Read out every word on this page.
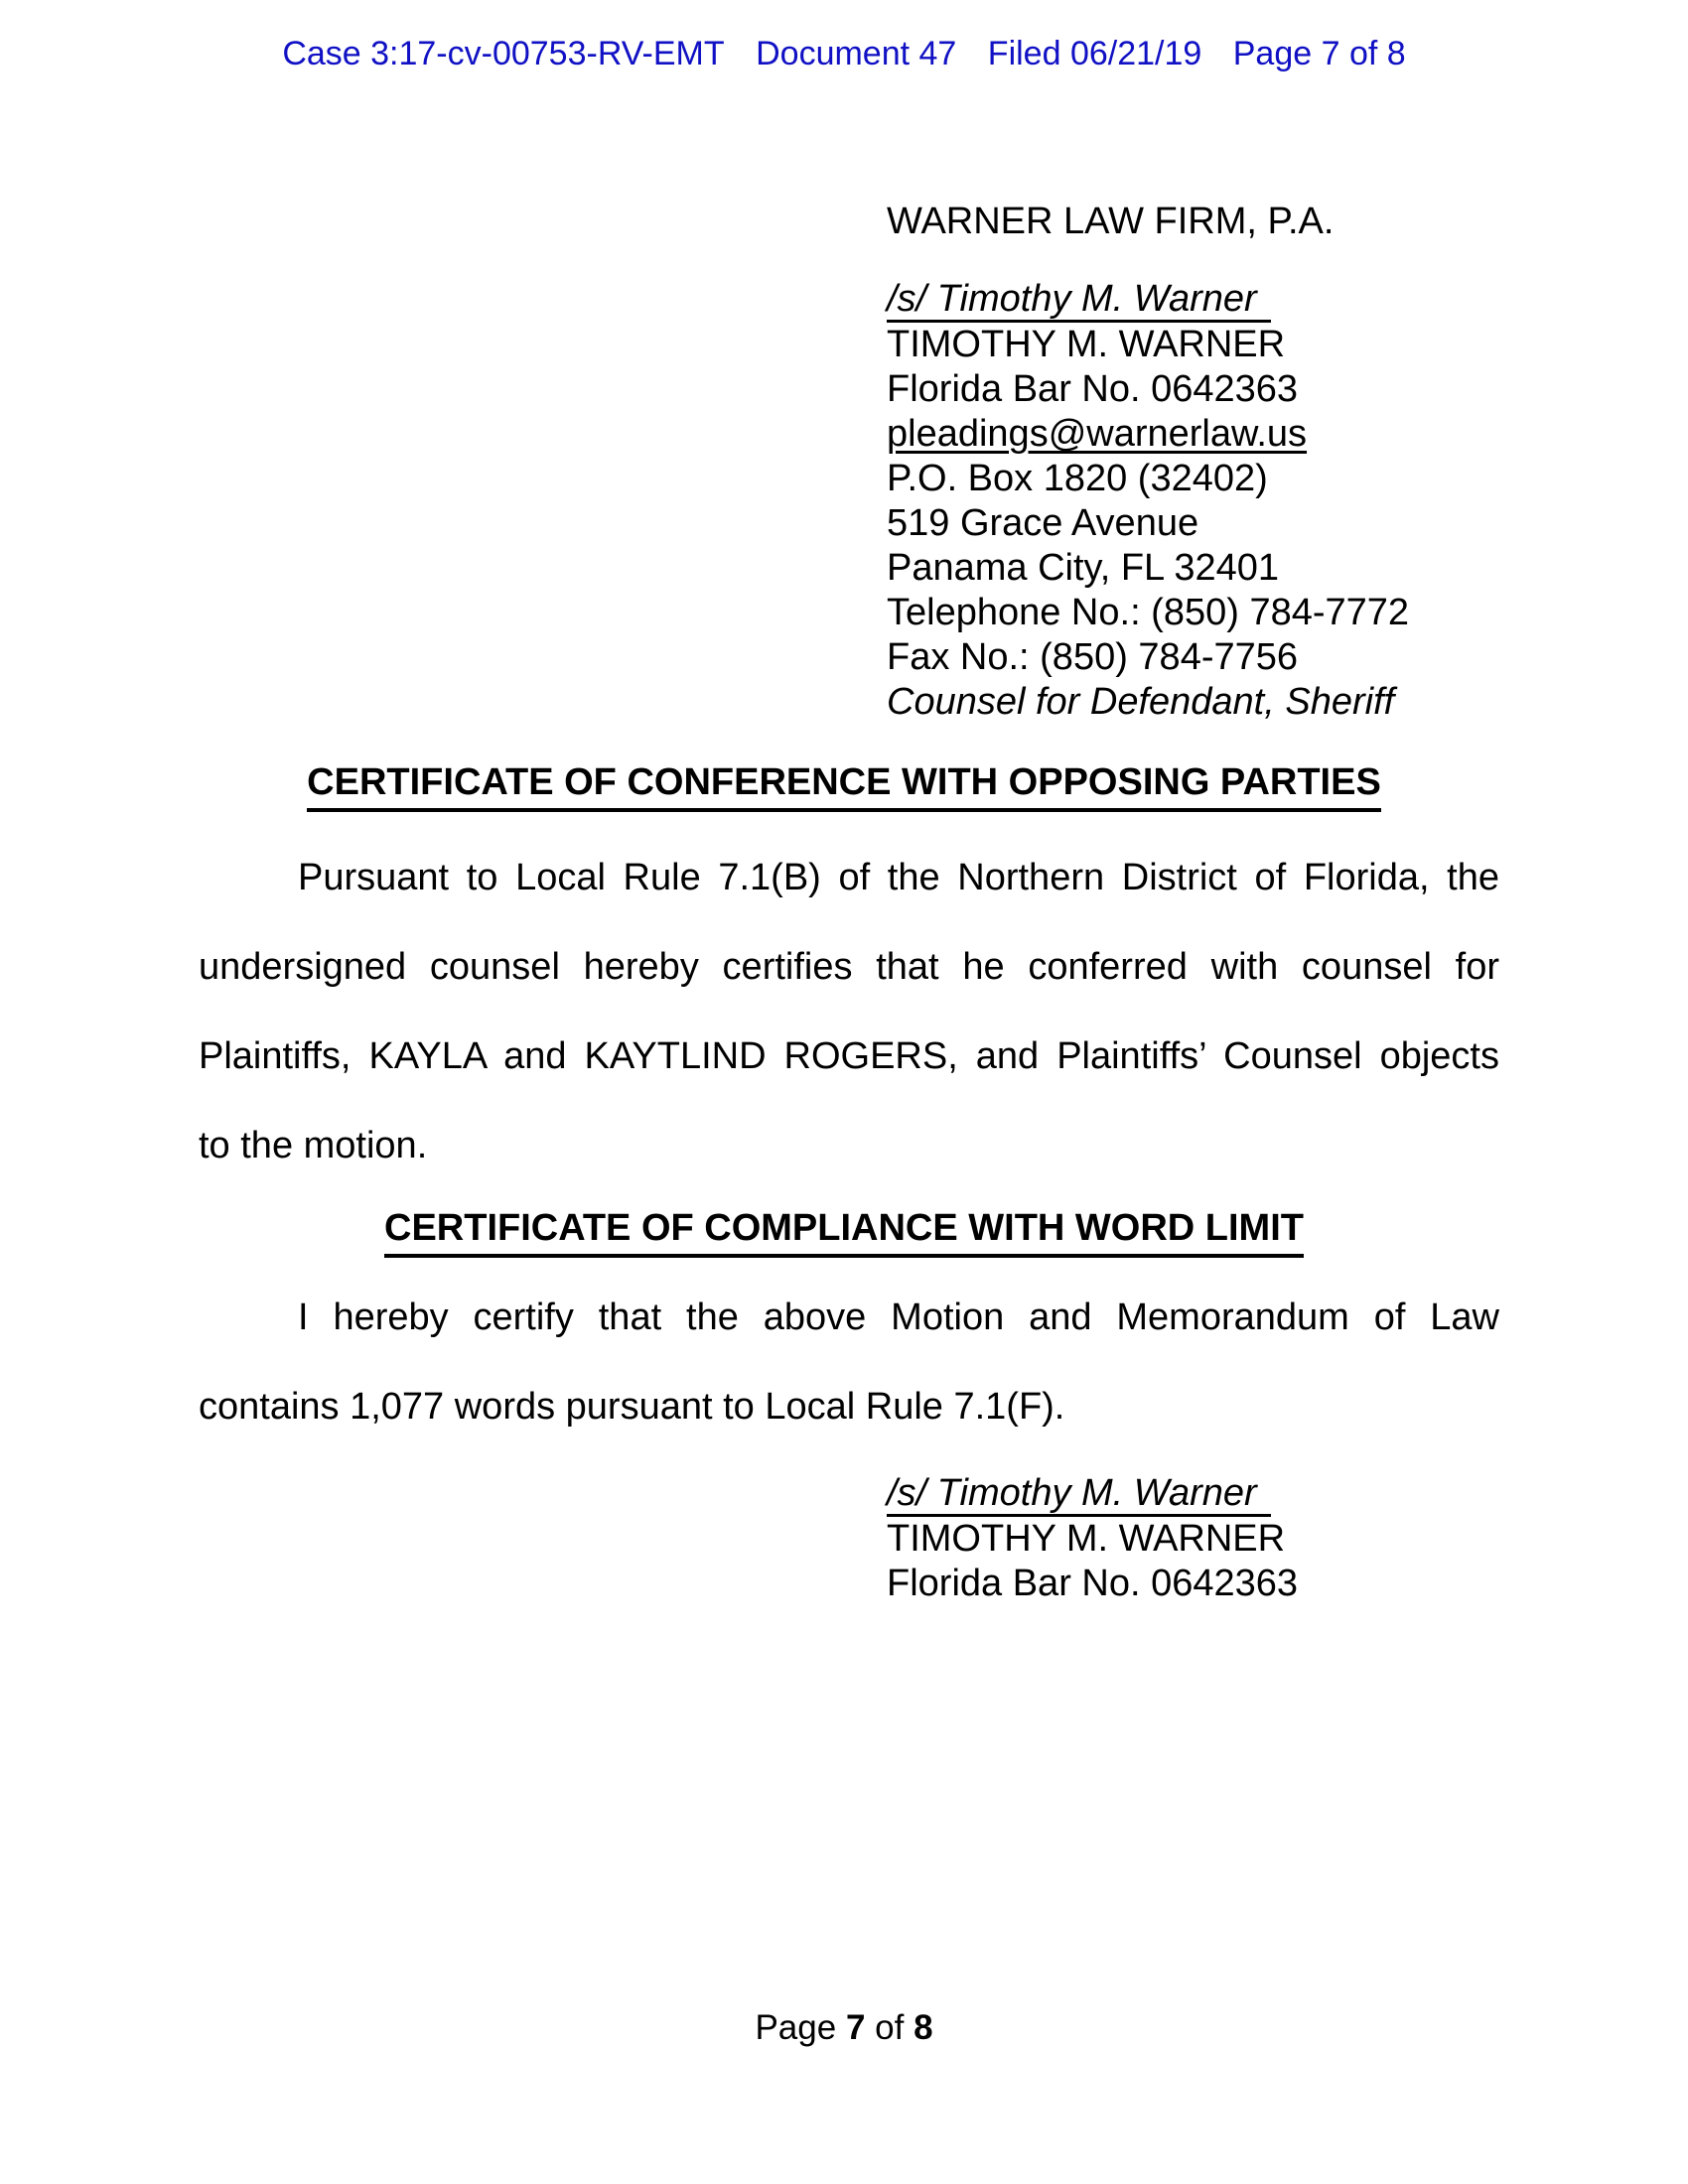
Case 3:17-cv-00753-RV-EMT Document 47 Filed 06/21/19 Page 7 of 8
WARNER LAW FIRM, P.A.
/s/ Timothy M. Warner
TIMOTHY M. WARNER
Florida Bar No. 0642363
pleadings@warnerlaw.us
P.O. Box 1820 (32402)
519 Grace Avenue
Panama City, FL 32401
Telephone No.: (850) 784-7772
Fax No.: (850) 784-7756
Counsel for Defendant, Sheriff
CERTIFICATE OF CONFERENCE WITH OPPOSING PARTIES
Pursuant to Local Rule 7.1(B) of the Northern District of Florida, the
undersigned counsel hereby certifies that he conferred with counsel for
Plaintiffs, KAYLA and KAYTLIND ROGERS, and Plaintiffs’ Counsel objects
to the motion.
CERTIFICATE OF COMPLIANCE WITH WORD LIMIT
I hereby certify that the above Motion and Memorandum of Law
contains 1,077 words pursuant to Local Rule 7.1(F).
/s/ Timothy M. Warner
TIMOTHY M. WARNER
Florida Bar No. 0642363
Page 7 of 8
